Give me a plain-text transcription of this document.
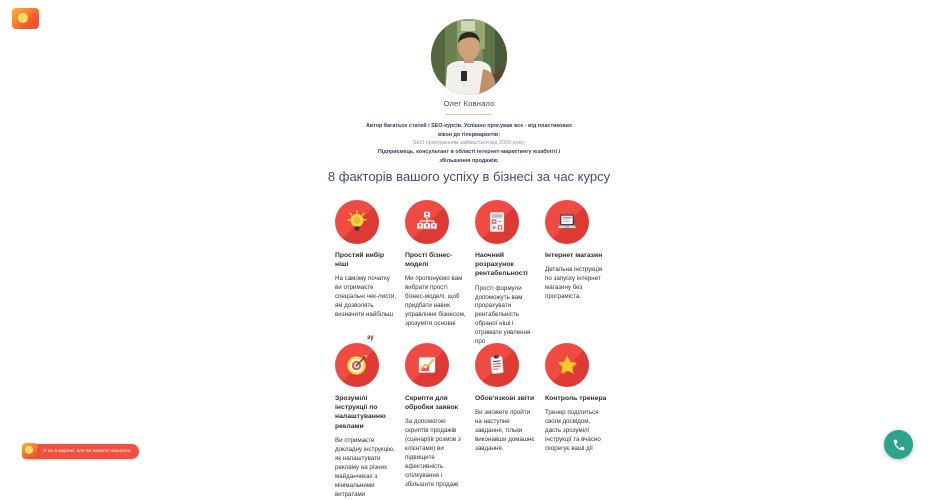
Олег Ковнало

Автор багатьох статей і SEO-курсів. Успішно просував все - від пластикових вікон до гіпермаркетів;

SEO просуванням займається від 2009 року;

Підприємець, консультант в області інтернет-маркетингу юзабіліті і збільшення продажів;

8 факторів вашого успіху в бізнесі за час курсу

Простий вибір ніші

На самому початку ви отримаєте спеціальні чек-листи, які дозволять визначити найбільш

Прості бізнес-моделі

Ми пропонуємо вам вибрати прості бізнес-моделі, щоб придбати навик управління бізнесом, зрозуміти основні

Наочний розрахунок рентабельності

Прості формули допоможуть вам прорахувати рентабельність обраної ніші і отримати уявлення про

Інтернет магазин

Детальна інструкція по запуску інтернет магазину без програміста.

зу

Зрозумілі інструкції по налаштуванню реклами

Ви отримаєте докладну інструкцію, як налаштувати рекламу на різних майданчиках з мінімальними витратами

Скрипти для обробки заявок

За допомогою скриптів продажів (сценаріїв розмов з клієнтами) ви підвищите ефективність спілкування і збільшите продажі

Обов'язкові звіти

Ви зможете пройти на наступне завдання, тільки виконавши домашнє завдання.

Контроль тренера

Тренер поділиться своїм досвідом, дасть зрозумілі інструкції та вчасно скорегує ваші дії

Я не в мережі, але ви можете написати
